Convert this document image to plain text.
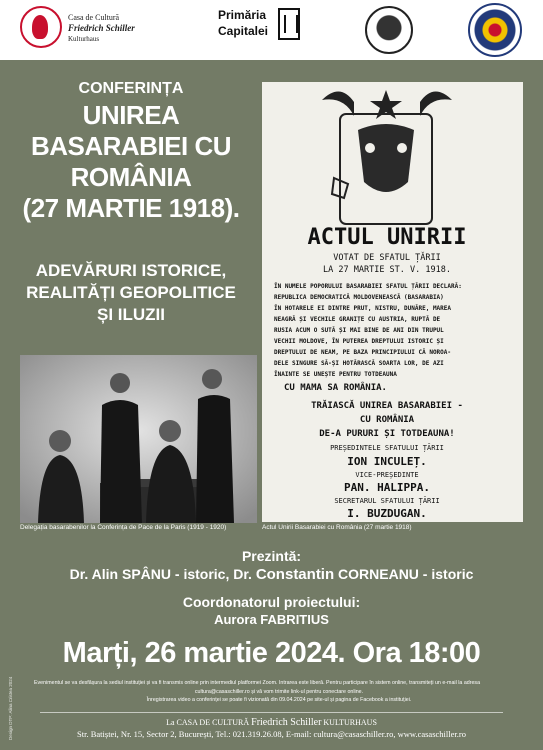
Casa de Cultură
Friedrich Schiller
Kulturhaus
Primăria
Capitalei
CONFERINȚA
UNIREA
BASARABIEI CU
ROMÂNIA
(27 MARTIE 1918).
ADEVĂRURI ISTORICE,
REALITĂȚI GEOPOLITICE
ȘI ILUZII
ACTUL UNIRII
VOTAT DE SFATUL ȚĂRII
LA 27 MARTIE ST. V. 1918.
ÎN NUMELE POPORULUI BASARABIEI SFATUL ȚĂRII DECLARĂ:
REPUBLICA DEMOCRATICĂ MOLDOVENEASCĂ (BASARABIA)
ÎN HOTARELE EI DINTRE PRUT, NISTRU, DUNĂRE, MAREA
NEAGRĂ ȘI VECHILE GRANIȚE CU AUSTRIA, RUPTĂ DE
RUSIA ACUM O SUTĂ ȘI MAI BINE DE ANI DIN TRUPUL
VECHII MOLDOVE, ÎN PUTEREA DREPTULUI ISTORIC ȘI
DREPTULUI DE NEAM, PE BAZA PRINCIPIULUI CĂ NOROA-
DELE SINGURE SĂ-ȘI HOTĂRASCĂ SOARTA LOR, DE AZI
ÎNAINTE SE UNEȘTE PENTRU TOTDEAUNA
CU MAMA SA ROMÂNIA.
TRĂIASCĂ UNIREA BASARABIEI -
CU ROMÂNIA
DE-A PURURI ȘI TOTDEAUNA!
PREȘEDINTELE SFATULUI ȚĂRII
ION INCULEȚ.
VICE-PREȘEDINTE
PAN. HALIPPA.
SECRETARUL SFATULUI ȚĂRII
I. BUZDUGAN.
Actul Unirii Basarabiei cu România (27 martie 1918)
Delegația basarabenilor la Conferința de Pace de la Paris (1919 - 1920)
Prezintă:
Dr. Alin SPÂNU - istoric, Dr. Constantin CORNEANU - istoric
Coordonatorul proiectului:
Aurora FABRITIUS
Marți, 26 martie 2024. Ora 18:00
Evenimentul se va desfășura la sediul instituției și va fi transmis online prin intermediul platformei Zoom. Intrarea este liberă. Pentru participare în sistem online, transmiteți un e-mail la adresa
cultura@casaschiller.ro și vă vom trimite link-ul pentru conectare online.
Înregistrarea video a conferinței se poate fi vizionată din 09.04.2024 pe site-ul și pagina de Facebook a instituției.
Design DTP: Alina Cristea 2024	La CASA DE CULTURĂ Friedrich Schiller KULTURHAUS
Str. Batiștei, Nr. 15, Sector 2, București, Tel.: 021.319.26.08, E-mail: cultura@casaschiller.ro, www.casaschiller.ro
